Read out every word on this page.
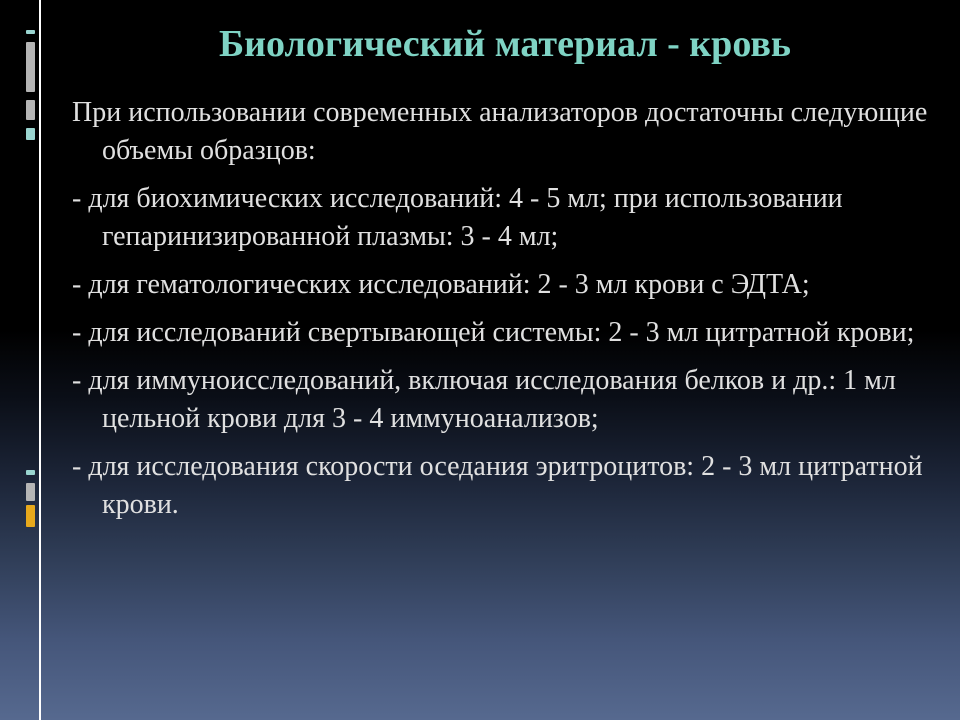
Биологический материал - кровь
При использовании современных анализаторов достаточны следующие объемы образцов:
- для биохимических исследований: 4 - 5 мл; при использовании гепаринизированной плазмы: 3 - 4 мл;
- для гематологических исследований: 2 - 3 мл крови с ЭДТА;
- для исследований свертывающей системы: 2 - 3 мл цитратной крови;
- для иммуноисследований, включая исследования белков и др.: 1 мл цельной крови для 3 - 4 иммуноанализов;
- для исследования скорости оседания эритроцитов: 2 - 3 мл цитратной крови.
